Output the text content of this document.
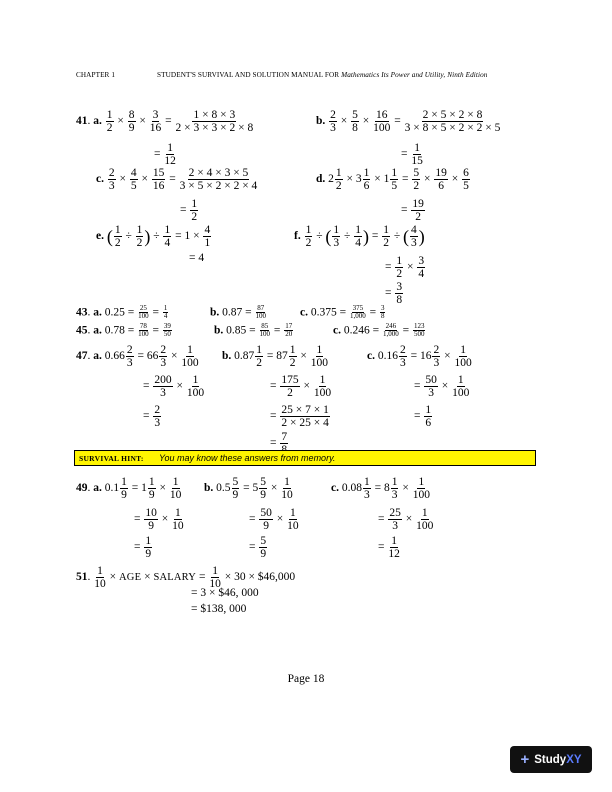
CHAPTER 1	STUDENT'S SURVIVAL AND SOLUTION MANUAL FOR Mathematics Its Power and Utility, Ninth Edition
41. a. $\frac{1}{2} \times \frac{8}{9} \times \frac{3}{16} = \frac{1 \times 8 \times 3}{2 \times 3 \times 3 \times 2 \times 8}$
= $\frac{1}{12}$
b. $\frac{2}{3} \times \frac{5}{8} \times \frac{16}{100} = \frac{2 \times 5 \times 2 \times 8}{3 \times 8 \times 5 \times 2 \times 2 \times 5}$
= $\frac{1}{15}$
c. $\frac{2}{3} \times \frac{4}{5} \times \frac{15}{16} = \frac{2 \times 4 \times 3 \times 5}{3 \times 5 \times 2 \times 2 \times 4}$
= $\frac{1}{2}$
d. $2 \frac{1}{2} \times 3 \frac{1}{6} \times 1 \frac{1}{5} = \frac{5}{2} \times \frac{19}{6} \times \frac{6}{5}$
= $\frac{19}{2}$
e. ( $\frac{1}{2} \div \frac{1}{2}$ ) ÷ $\frac{1}{4} = 1 \times \frac{4}{1}$
= 4
f. $\frac{1}{2}$ ÷ ( $\frac{1}{3} \div \frac{1}{4}$ ) = $\frac{1}{2}$ ÷ ( $\frac{4}{3}$ )
= $\frac{1}{2} \times \frac{3}{4}$
= $\frac{3}{8}$
43. a. $0.25 = \frac{25}{100} = \frac{1}{4}$	b. $0.87 = \frac{87}{100}$	c. $0.375 = \frac{375}{1,000} = \frac{3}{8}$
45. a. $0.78 = \frac{78}{100} = \frac{39}{50}$	b. $0.85 = \frac{85}{100} = \frac{17}{20}$	c. $0.246 = \frac{246}{1,000} = \frac{123}{500}$
47. a. $0.66 \frac{2}{3} = 66 \frac{2}{3} \times \frac{1}{100}$
= $\frac{200}{3} \times \frac{1}{100}$
= $\frac{2}{3}$
b. $0.87 \frac{1}{2} = 87 \frac{1}{2} \times \frac{1}{100}$
= $\frac{175}{2} \times \frac{1}{100}$
= $\frac{25 \times 7 \times 1}{2 \times 25 \times 4}$
=
7
c. $0.16 \frac{2}{3} = 16 \frac{2}{3} \times \frac{1}{100}$
= $\frac{50}{3} \times \frac{1}{100}$
= $\frac{1}{6}$
SURVIVAL HINT: You may know these answers from memory.
49. a. $0.1 \frac{1}{9} = 1 \frac{1}{9} \times \frac{1}{10}$
= $\frac{10}{9} \times \frac{1}{10}$
= $\frac{1}{9}$
b. $0.5 \frac{5}{9} = 5 \frac{5}{9} \times \frac{1}{10}$
= $\frac{50}{9} \times \frac{1}{10}$
= $\frac{5}{9}$
c. $0.08 \frac{1}{3} = 8 \frac{1}{3} \times \frac{1}{100}$
= $\frac{25}{3} \times \frac{1}{100}$
= $\frac{1}{12}$
51. $\frac{1}{10}$ × AGE × SALARY = $\frac{1}{10} \times 30$ × $46,000
= 3 × $46, 000
= $138, 000
Page 18
+ Study XY
